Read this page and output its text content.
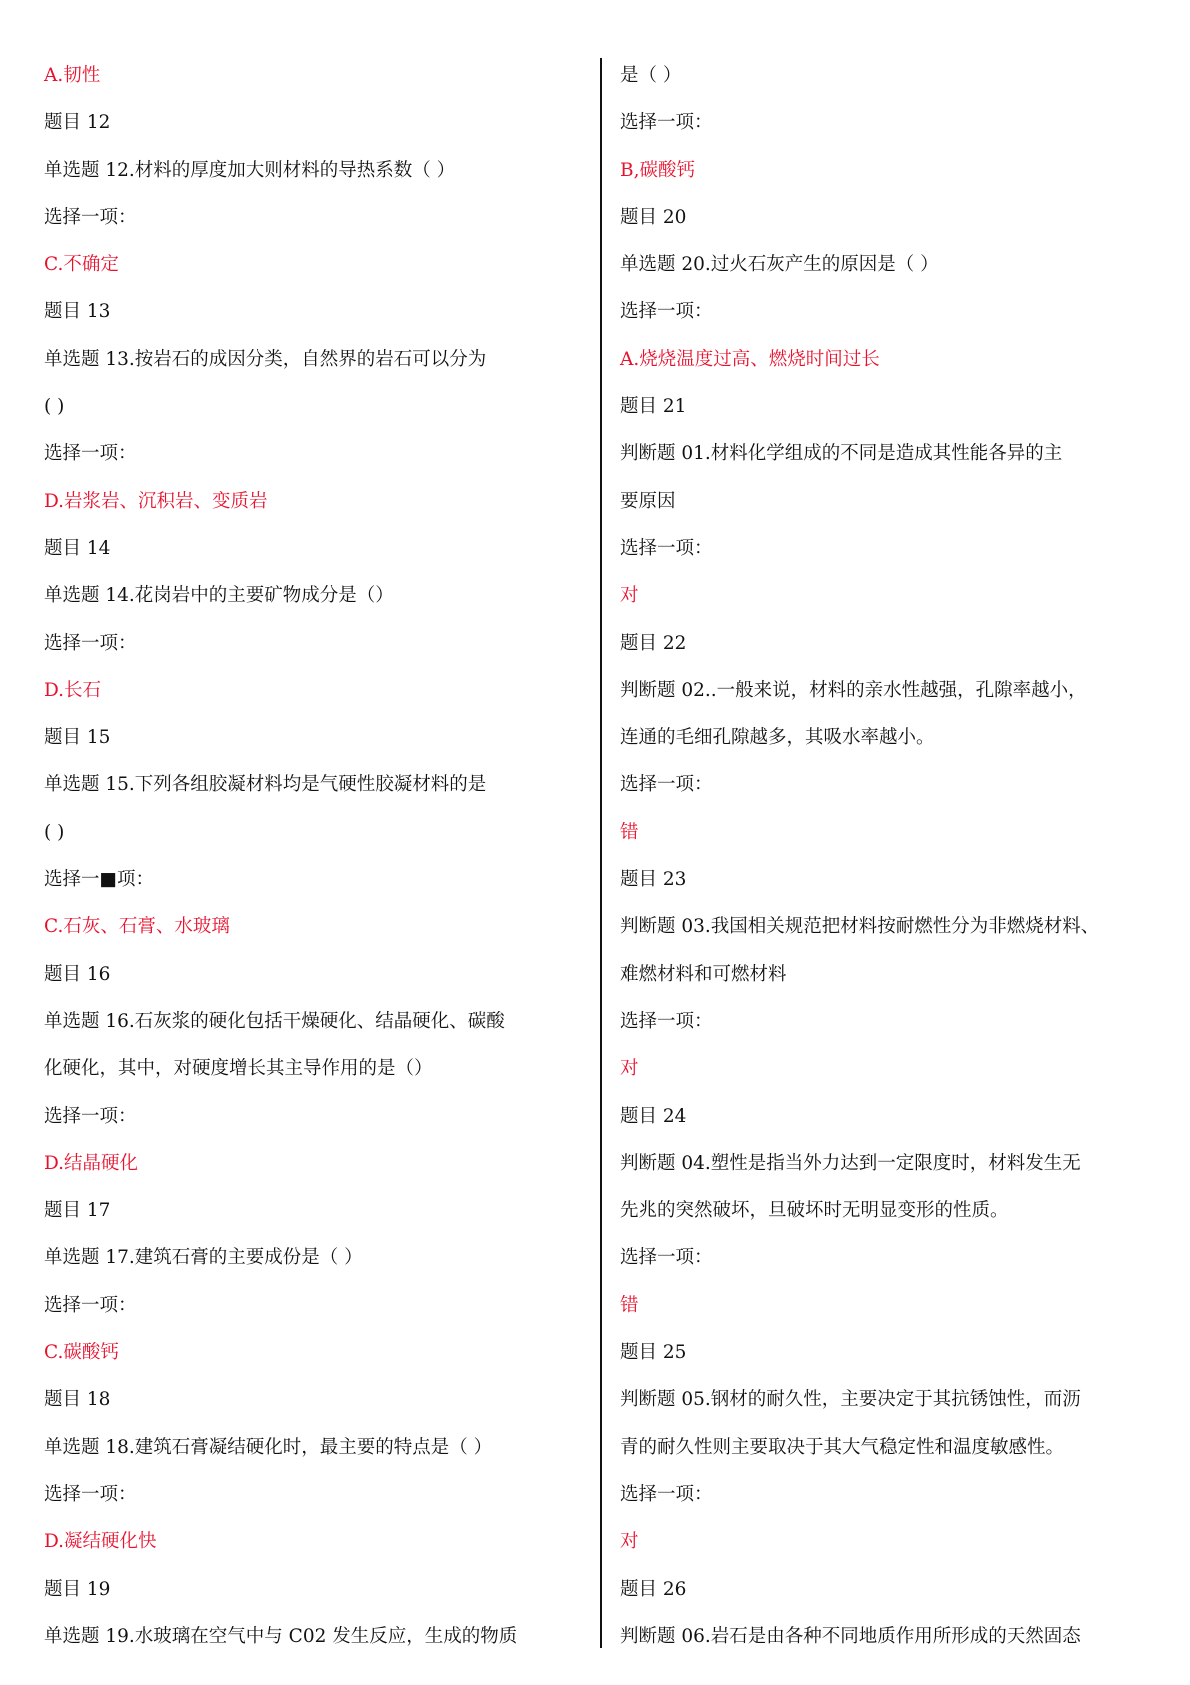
A.韧性
题目 12
单选题 12.材料的厚度加大则材料的导热系数（ ）
选择一项：
C.不确定
题目 13
单选题 13.按岩石的成因分类，自然界的岩石可以分为
( )
选择一项：
D.岩浆岩、沉积岩、变质岩
题目 14
单选题 14.花岗岩中的主要矿物成分是（）
选择一项：
D.长石
题目 15
单选题 15.下列各组胶凝材料均是气硬性胶凝材料的是
( )
选择一■项：
C.石灰、石膏、水玻璃
题目 16
单选题 16.石灰浆的硬化包括干燥硬化、结晶硬化、碳酸
化硬化，其中，对硬度增长其主导作用的是（）
选择一项：
D.结晶硬化
题目 17
单选题 17.建筑石膏的主要成份是（ ）
选择一项：
C.碳酸钙
题目 18
单选题 18.建筑石膏凝结硬化时，最主要的特点是（ ）
选择一项：
D.凝结硬化快
题目 19
单选题 19.水玻璃在空气中与 C02 发生反应，生成的物质
是（ ）
选择一项：
B,碳酸钙
题目 20
单选题 20.过火石灰产生的原因是（ ）
选择一项：
A.烧烧温度过高、燃烧时间过长
题目 21
判断题 01.材料化学组成的不同是造成其性能各异的主
要原因
选择一项：
对
题目 22
判断题 02..一般来说，材料的亲水性越强，孔隙率越小，
连通的毛细孔隙越多，其吸水率越小。
选择一项：
错
题目 23
判断题 03.我国相关规范把材料按耐燃性分为非燃烧材料、
难燃材料和可燃材料
选择一项：
对
题目 24
判断题 04.塑性是指当外力达到一定限度时，材料发生无
先兆的突然破坏，旦破坏时无明显变形的性质。
选择一项：
错
题目 25
判断题 05.钢材的耐久性，主要决定于其抗锈蚀性，而沥
青的耐久性则主要取决于其大气稳定性和温度敏感性。
选择一项：
对
题目 26
判断题 06.岩石是由各种不同地质作用所形成的天然固态
